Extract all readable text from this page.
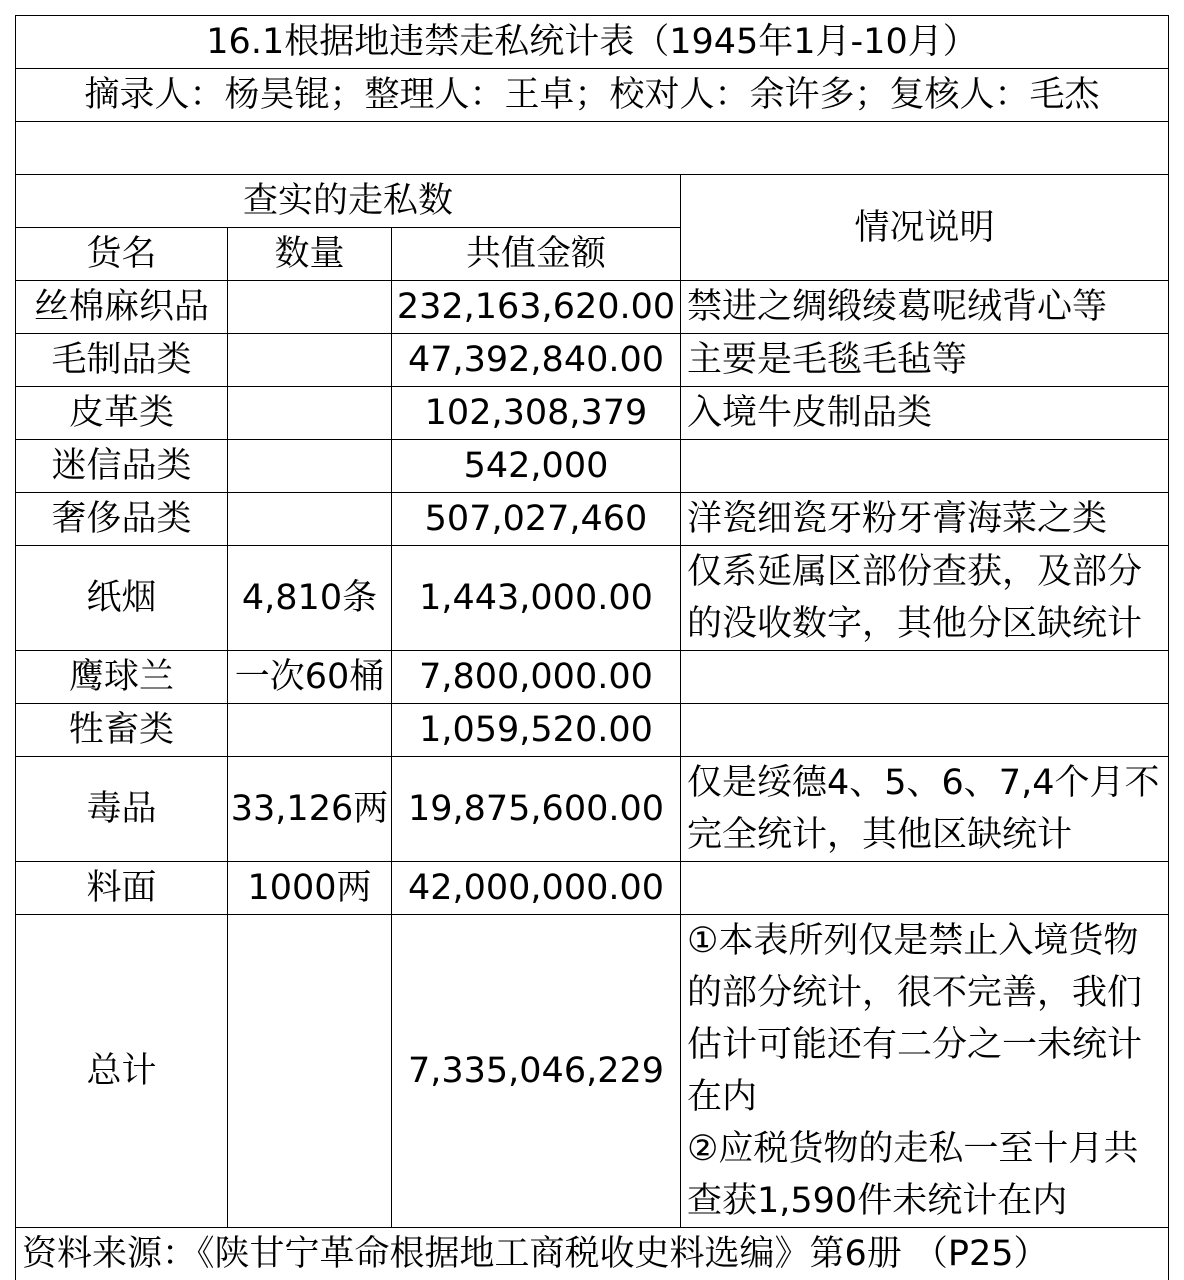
16.1根据地违禁走私统计表（1945年1月-10月）			
摘录人：杨昊锟；整理人：王卓；校对人：余许多；复核人：毛杰			

查实的走私数			情况说明
货名	数量	共值金额	
丝棉麻织品		232,163,620.00	禁进之绸缎绫葛呢绒背心等
毛制品类		47,392,840.00	主要是毛毯毛毡等
皮革类		102,308,379	入境牛皮制品类
迷信品类		542,000	
奢侈品类		507,027,460	洋瓷细瓷牙粉牙膏海菜之类
纸烟	4,810条	1,443,000.00	仅系延属区部份查获，及部分的没收数字，其他分区缺统计
鹰球兰	一次60桶	7,800,000.00	
牲畜类		1,059,520.00	
毒品	33,126两	19,875,600.00	仅是绥德4、5、6、7,4个月不完全统计，其他区缺统计
料面	1000两	42,000,000.00	
总计		7,335,046,229	①本表所列仅是禁止入境货物的部分统计，很不完善，我们估计可能还有二分之一未统计在内
②应税货物的走私一至十月共查获1,590件未统计在内

资料来源：《陕甘宁革命根据地工商税收史料选编》第6册 （P25）			
